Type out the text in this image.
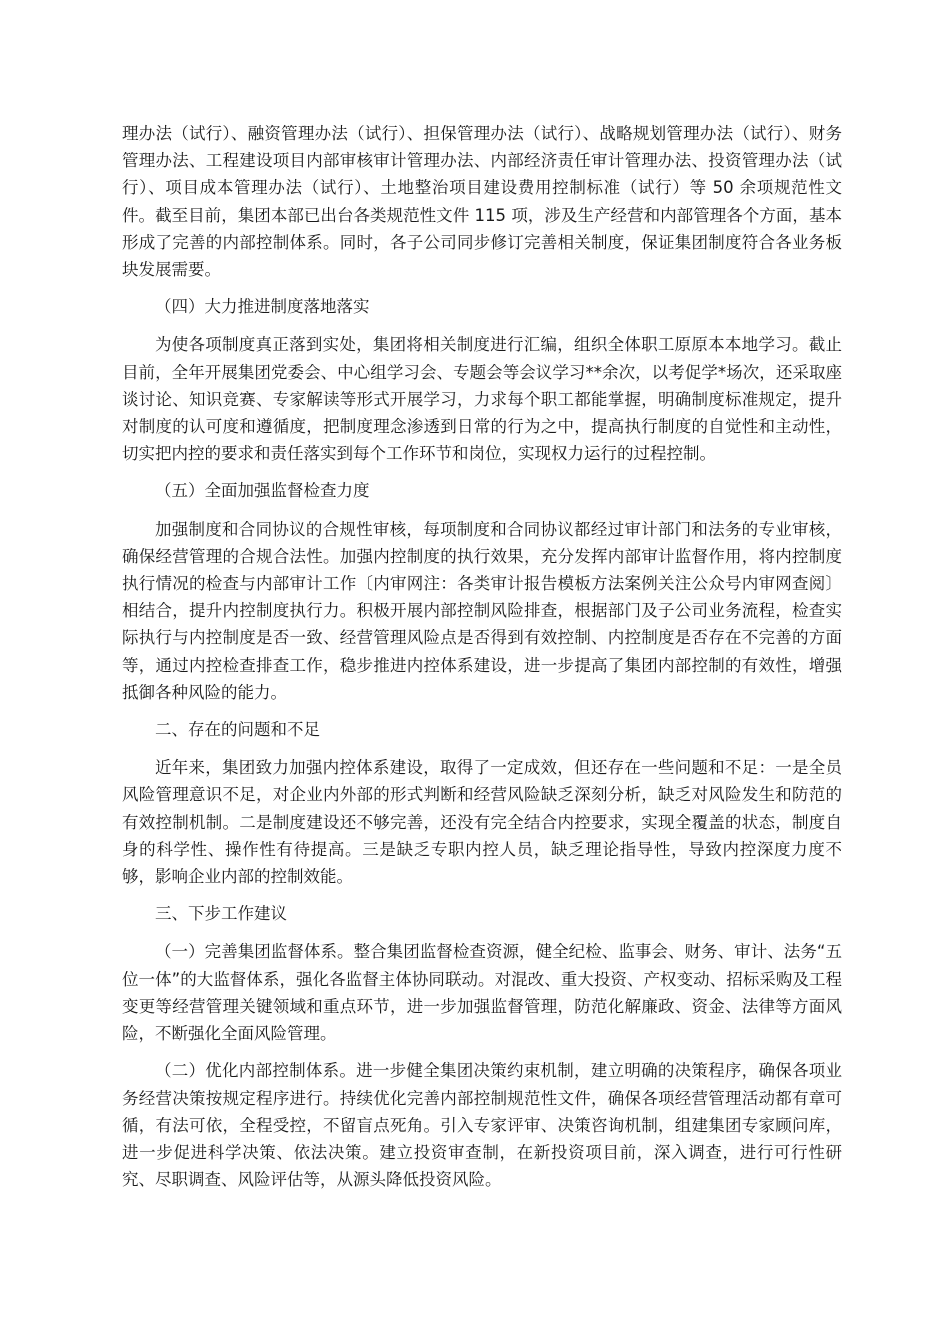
理办法（试行）、融资管理办法（试行）、担保管理办法（试行）、战略规划管理办法（试行）、财务管理办法、工程建设项目内部审核审计管理办法、内部经济责任审计管理办法、投资管理办法（试行）、项目成本管理办法（试行）、土地整治项目建设费用控制标准（试行）等 50 余项规范性文件。截至目前，集团本部已出台各类规范性文件 115 项，涉及生产经营和内部管理各个方面，基本形成了完善的内部控制体系。同时，各子公司同步修订完善相关制度，保证集团制度符合各业务板块发展需要。

（四）大力推进制度落地落实

为使各项制度真正落到实处，集团将相关制度进行汇编，组织全体职工原原本本地学习。截止目前，全年开展集团党委会、中心组学习会、专题会等会议学习**余次，以考促学*场次，还采取座谈讨论、知识竞赛、专家解读等形式开展学习，力求每个职工都能掌握，明确制度标准规定，提升对制度的认可度和遵循度，把制度理念渗透到日常的行为之中，提高执行制度的自觉性和主动性，切实把内控的要求和责任落实到每个工作环节和岗位，实现权力运行的过程控制。

（五）全面加强监督检查力度

加强制度和合同协议的合规性审核，每项制度和合同协议都经过审计部门和法务的专业审核，确保经营管理的合规合法性。加强内控制度的执行效果，充分发挥内部审计监督作用，将内控制度执行情况的检查与内部审计工作〔内审网注：各类审计报告模板方法案例关注公众号内审网查阅〕相结合，提升内控制度执行力。积极开展内部控制风险排查，根据部门及子公司业务流程，检查实际执行与内控制度是否一致、经营管理风险点是否得到有效控制、内控制度是否存在不完善的方面等，通过内控检查排查工作，稳步推进内控体系建设，进一步提高了集团内部控制的有效性，增强抵御各种风险的能力。

二、存在的问题和不足

近年来，集团致力加强内控体系建设，取得了一定成效，但还存在一些问题和不足：一是全员风险管理意识不足，对企业内外部的形式判断和经营风险缺乏深刻分析，缺乏对风险发生和防范的有效控制机制。二是制度建设还不够完善，还没有完全结合内控要求，实现全覆盖的状态，制度自身的科学性、操作性有待提高。三是缺乏专职内控人员，缺乏理论指导性，导致内控深度力度不够，影响企业内部的控制效能。

三、下步工作建议

（一）完善集团监督体系。整合集团监督检查资源，健全纪检、监事会、财务、审计、法务“五位一体”的大监督体系，强化各监督主体协同联动。对混改、重大投资、产权变动、招标采购及工程变更等经营管理关键领域和重点环节，进一步加强监督管理，防范化解廉政、资金、法律等方面风险，不断强化全面风险管理。

（二）优化内部控制体系。进一步健全集团决策约束机制，建立明确的决策程序，确保各项业务经营决策按规定程序进行。持续优化完善内部控制规范性文件，确保各项经营管理活动都有章可循，有法可依，全程受控，不留盲点死角。引入专家评审、决策咨询机制，组建集团专家顾问库，进一步促进科学决策、依法决策。建立投资审查制，在新投资项目前，深入调查，进行可行性研究、尽职调查、风险评估等，从源头降低投资风险。
